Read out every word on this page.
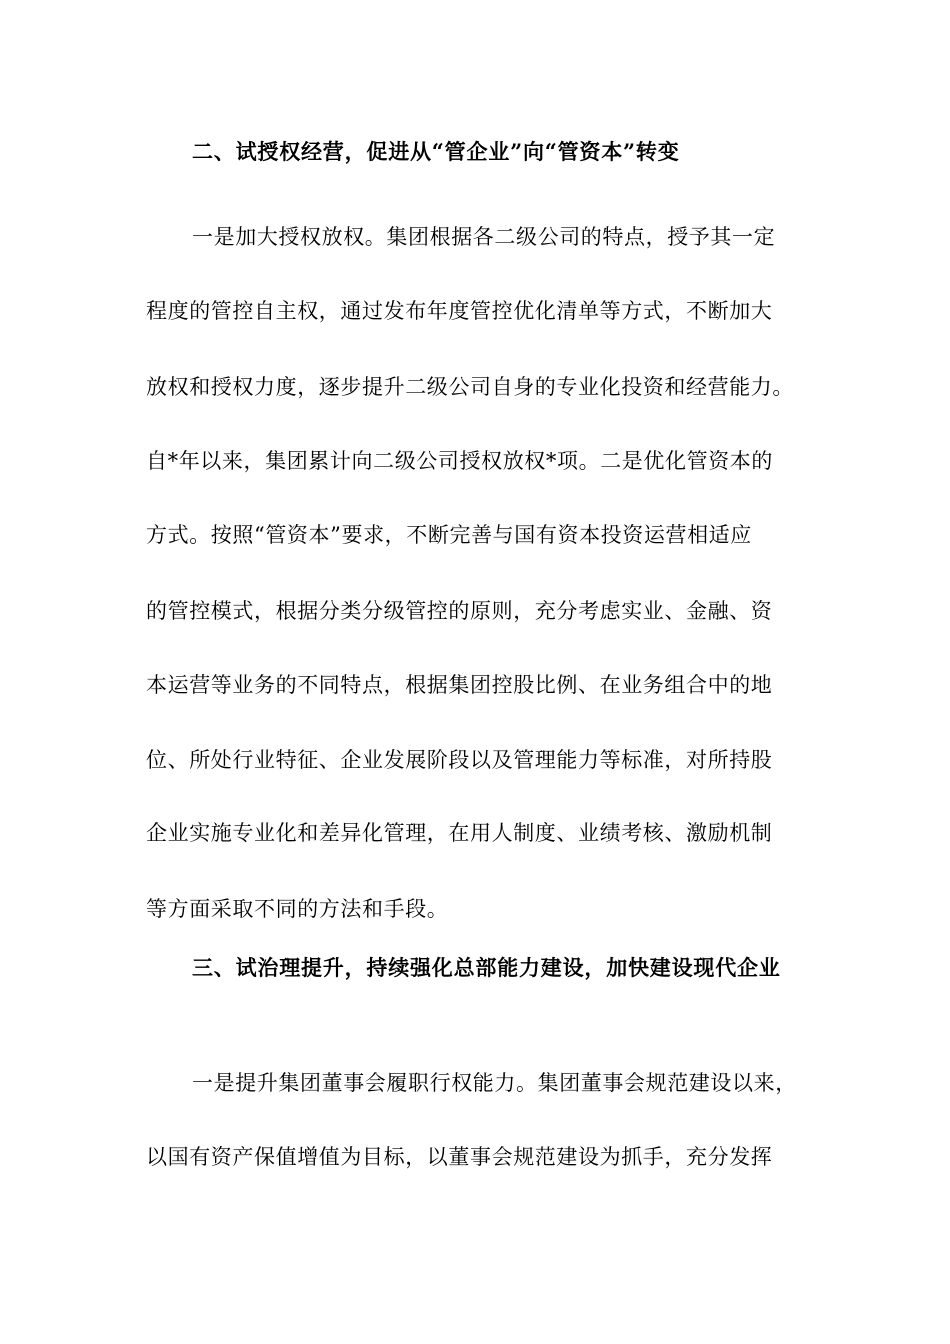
二、试授权经营，促进从“管企业”向“管资本”转变
一是加大授权放权。集团根据各二级公司的特点，授予其一定
程度的管控自主权，通过发布年度管控优化清单等方式，不断加大
放权和授权力度，逐步提升二级公司自身的专业化投资和经营能力。
自*年以来，集团累计向二级公司授权放权*项。二是优化管资本的
方式。按照“管资本”要求，不断完善与国有资本投资运营相适应
的管控模式，根据分类分级管控的原则，充分考虑实业、金融、资
本运营等业务的不同特点，根据集团控股比例、在业务组合中的地
位、所处行业特征、企业发展阶段以及管理能力等标准，对所持股
企业实施专业化和差异化管理，在用人制度、业绩考核、激励机制
等方面采取不同的方法和手段。
三、试治理提升，持续强化总部能力建设，加快建设现代企业
一是提升集团董事会履职行权能力。集团董事会规范建设以来，
以国有资产保值增值为目标，以董事会规范建设为抓手，充分发挥
